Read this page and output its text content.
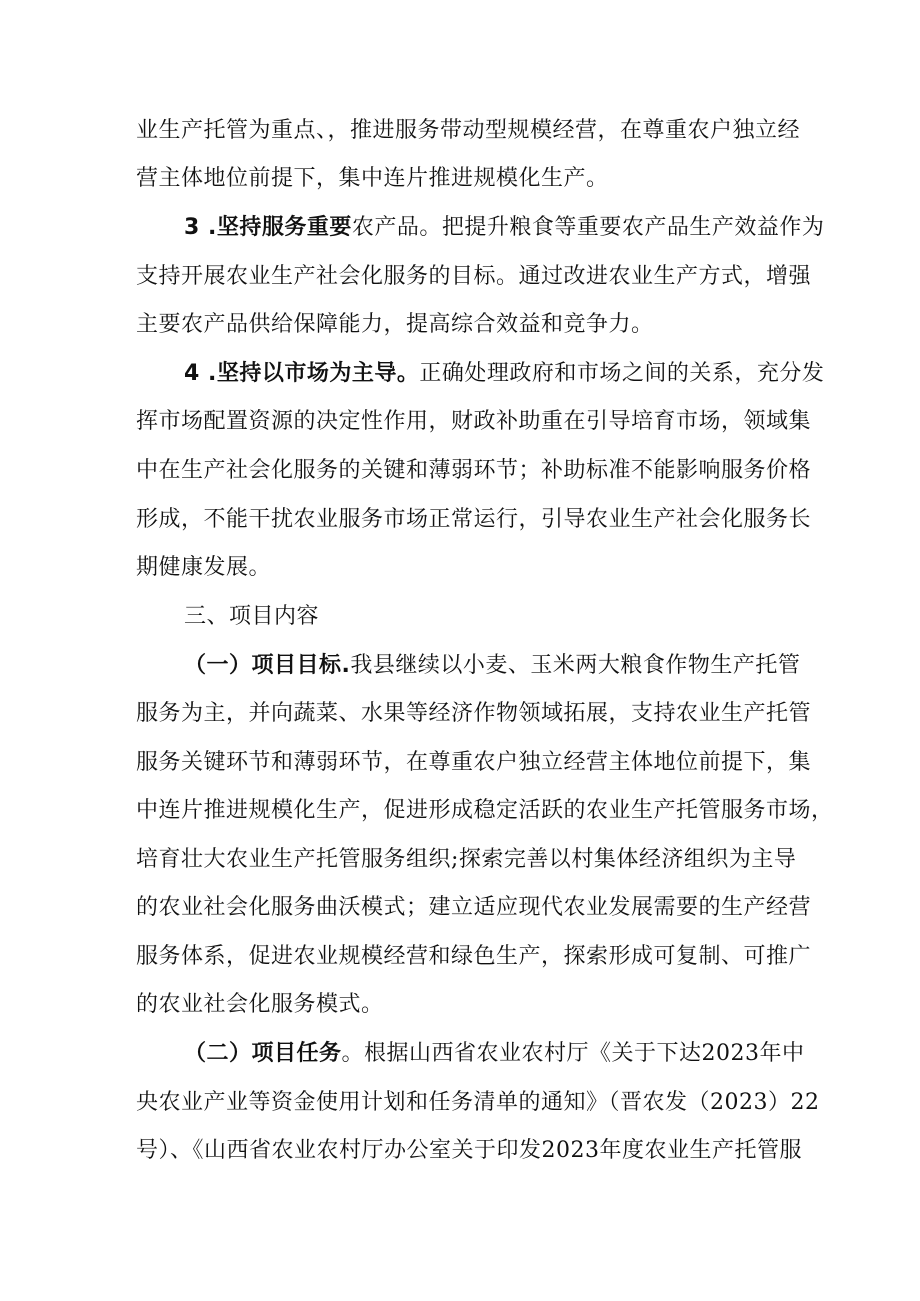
业生产托管为重点、，推进服务带动型规模经营，在尊重农户独立经
营主体地位前提下，集中连片推进规模化生产。
3 .坚持服务重要农产品。把提升粮食等重要农产品生产效益作为
支持开展农业生产社会化服务的目标。通过改进农业生产方式，增强
主要农产品供给保障能力，提高综合效益和竞争力。
4 .坚持以市场为主导。正确处理政府和市场之间的关系，充分发
挥市场配置资源的决定性作用，财政补助重在引导培育市场，领域集
中在生产社会化服务的关键和薄弱环节；补助标准不能影响服务价格
形成，不能干扰农业服务市场正常运行，引导农业生产社会化服务长
期健康发展。
三、项目内容
（一）项目目标.我县继续以小麦、玉米两大粮食作物生产托管
服务为主，并向蔬菜、水果等经济作物领域拓展，支持农业生产托管
服务关键环节和薄弱环节，在尊重农户独立经营主体地位前提下，集
中连片推进规模化生产，促进形成稳定活跃的农业生产托管服务市场，
培育壮大农业生产托管服务组织;探索完善以村集体经济组织为主导
的农业社会化服务曲沃模式；建立适应现代农业发展需要的生产经营
服务体系，促进农业规模经营和绿色生产，探索形成可复制、可推广
的农业社会化服务模式。
（二）项目任务。根据山西省农业农村厅《关于下达2023年中
央农业产业等资金使用计划和任务清单的通知》（晋农发（2023）22
号）、《山西省农业农村厅办公室关于印发2023年度农业生产托管服
